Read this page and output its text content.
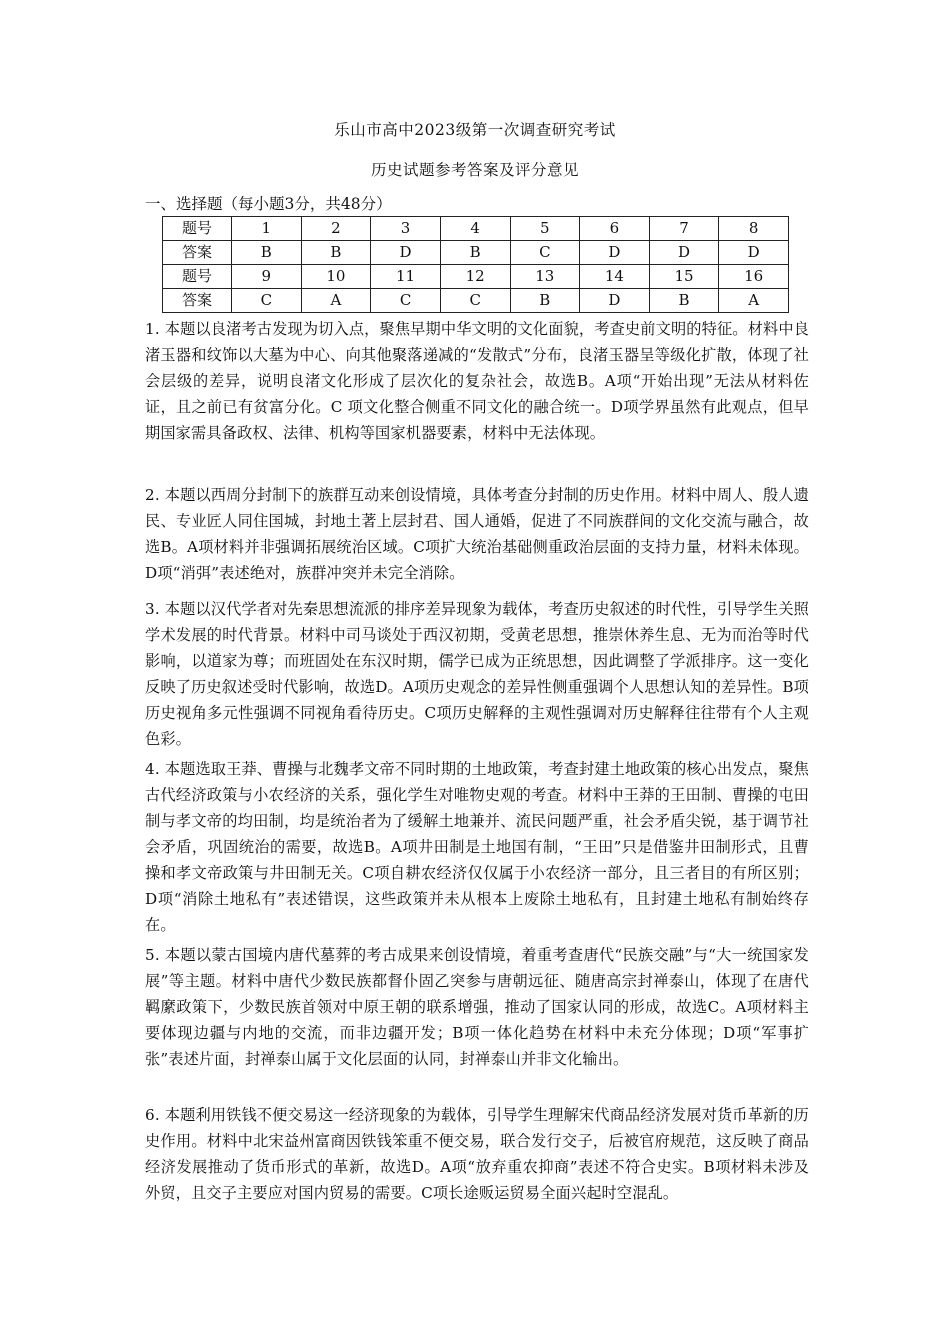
乐山市高中2023级第一次调查研究考试
历史试题参考答案及评分意见
一、选择题（每小题3分，共48分）
题号	1	2	3	4	5	6	7	8
答案	B	B	D	B	C	D	D	D
题号	9	10	11	12	13	14	15	16
答案	C	A	C	C	B	D	B	A

1. 本题以良渚考古发现为切入点，聚焦早期中华文明的文化面貌，考查史前文明的特征。材料中良渚玉器和纹饰以大墓为中心、向其他聚落递减的“发散式”分布，良渚玉器呈等级化扩散，体现了社会层级的差异，说明良渚文化形成了层次化的复杂社会，故选B。A项“开始出现”无法从材料佐证，且之前已有贫富分化。C 项文化整合侧重不同文化的融合统一。D项学界虽然有此观点，但早期国家需具备政权、法律、机构等国家机器要素，材料中无法体现。

2. 本题以西周分封制下的族群互动来创设情境，具体考查分封制的历史作用。材料中周人、殷人遗民、专业匠人同住国城，封地土著上层封君、国人通婚，促进了不同族群间的文化交流与融合，故选B。A项材料并非强调拓展统治区域。C项扩大统治基础侧重政治层面的支持力量，材料未体现。D项“消弭”表述绝对，族群冲突并未完全消除。

3. 本题以汉代学者对先秦思想流派的排序差异现象为载体，考查历史叙述的时代性，引导学生关照学术发展的时代背景。材料中司马谈处于西汉初期，受黄老思想，推崇休养生息、无为而治等时代影响，以道家为尊；而班固处在东汉时期，儒学已成为正统思想，因此调整了学派排序。这一变化反映了历史叙述受时代影响，故选D。A项历史观念的差异性侧重强调个人思想认知的差异性。B项历史视角多元性强调不同视角看待历史。C项历史解释的主观性强调对历史解释往往带有个人主观色彩。

4. 本题选取王莽、曹操与北魏孝文帝不同时期的土地政策，考查封建土地政策的核心出发点，聚焦古代经济政策与小农经济的关系，强化学生对唯物史观的考查。材料中王莽的王田制、曹操的屯田制与孝文帝的均田制，均是统治者为了缓解土地兼并、流民问题严重，社会矛盾尖锐，基于调节社会矛盾，巩固统治的需要，故选B。A项井田制是土地国有制，“王田”只是借鉴井田制形式，且曹操和孝文帝政策与井田制无关。C项自耕农经济仅仅属于小农经济一部分，且三者目的有所区别；D项“消除土地私有”表述错误，这些政策并未从根本上废除土地私有，且封建土地私有制始终存在。

5. 本题以蒙古国境内唐代墓葬的考古成果来创设情境，着重考查唐代“民族交融”与“大一统国家发展”等主题。材料中唐代少数民族都督仆固乙突参与唐朝远征、随唐高宗封禅泰山，体现了在唐代羁縻政策下，少数民族首领对中原王朝的联系增强，推动了国家认同的形成，故选C。A项材料主要体现边疆与内地的交流，而非边疆开发；B项一体化趋势在材料中未充分体现；D项“军事扩张”表述片面，封禅泰山属于文化层面的认同，封禅泰山并非文化输出。

6. 本题利用铁钱不便交易这一经济现象的为载体，引导学生理解宋代商品经济发展对货币革新的历史作用。材料中北宋益州富商因铁钱笨重不便交易，联合发行交子，后被官府规范，这反映了商品经济发展推动了货币形式的革新，故选D。A项“放弃重农抑商”表述不符合史实。B项材料未涉及外贸，且交子主要应对国内贸易的需要。C项长途贩运贸易全面兴起时空混乱。
